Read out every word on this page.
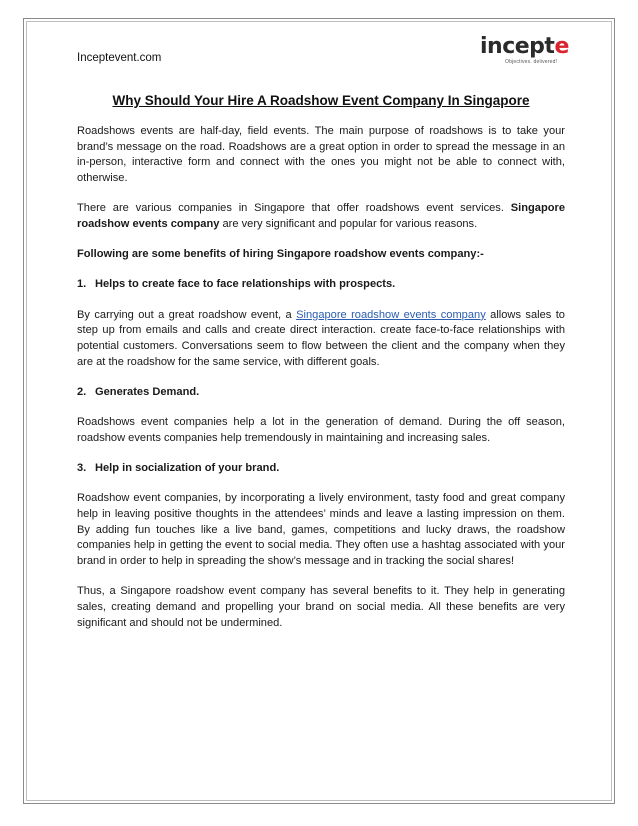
Inceptevent.com	incepte
Objectives. delivered!
Why Should Your Hire A Roadshow Event Company In Singapore

Roadshows events are half-day, field events. The main purpose of roadshows is to take your brand’s message on the road. Roadshows are a great option in order to spread the message in an in-person, interactive form and connect with the ones you might not be able to connect with, otherwise.

There are various companies in Singapore that offer roadshows event services. Singapore roadshow events company are very significant and popular for various reasons.

Following are some benefits of hiring Singapore roadshow events company:-

1. Helps to create face to face relationships with prospects.

By carrying out a great roadshow event, a Singapore roadshow events company allows sales to step up from emails and calls and create direct interaction. create face-to-face relationships with potential customers. Conversations seem to flow between the client and the company when they are at the roadshow for the same service, with different goals.

2. Generates Demand.

Roadshows event companies help a lot in the generation of demand. During the off season, roadshow events companies help tremendously in maintaining and increasing sales.

3. Help in socialization of your brand.

Roadshow event companies, by incorporating a lively environment, tasty food and great company help in leaving positive thoughts in the attendees’ minds and leave a lasting impression on them. By adding fun touches like a live band, games, competitions and lucky draws, the roadshow companies help in getting the event to social media. They often use a hashtag associated with your brand in order to help in spreading the show’s message and in tracking the social shares!

Thus, a Singapore roadshow event company has several benefits to it. They help in generating sales, creating demand and propelling your brand on social media. All these benefits are very significant and should not be undermined.
